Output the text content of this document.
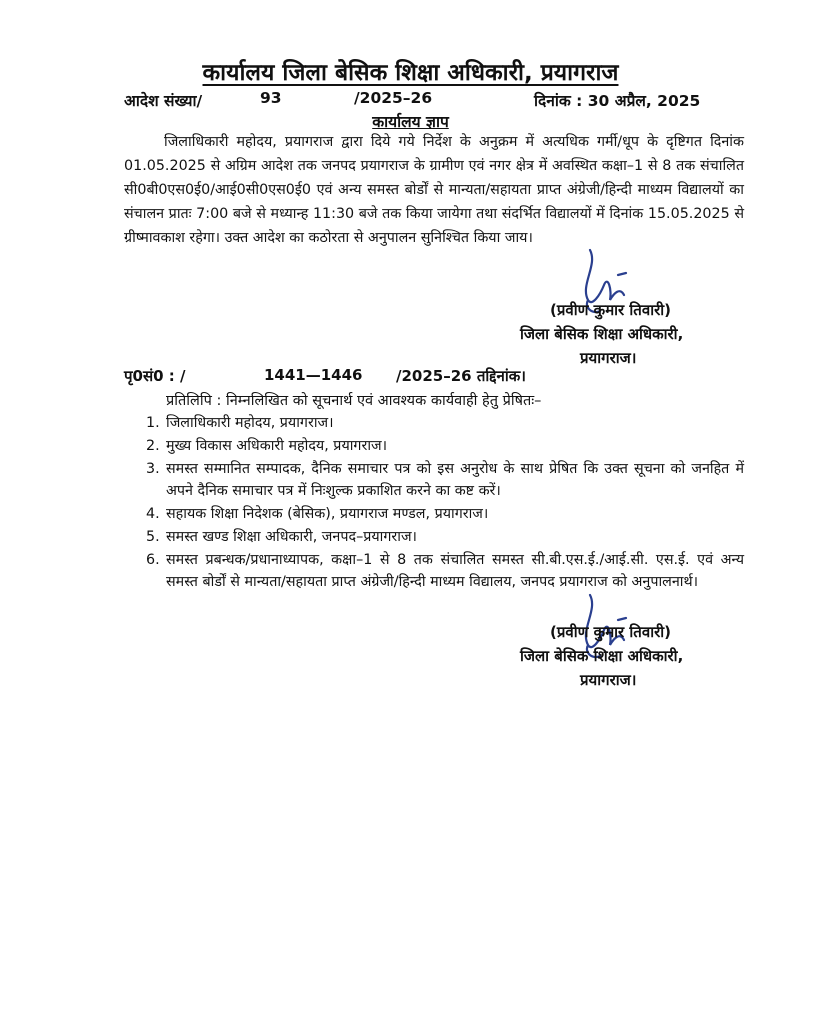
कार्यालय जिला बेसिक शिक्षा अधिकारी, प्रयागराज
आदेश संख्या/	93	/2025–26	दिनांक : 30 अप्रैल, 2025
कार्यालय ज्ञाप

जिलाधिकारी महोदय, प्रयागराज द्वारा दिये गये निर्देश के अनुक्रम में अत्यधिक गर्मी/धूप के दृष्टिगत दिनांक 01.05.2025 से अग्रिम आदेश तक जनपद प्रयागराज के ग्रामीण एवं नगर क्षेत्र में अवस्थित कक्षा–1 से 8 तक संचालित सी0बी0एस0ई0/आई0सी0एस0ई0 एवं अन्य समस्त बोर्डों से मान्यता/सहायता प्राप्त अंग्रेजी/हिन्दी माध्यम विद्यालयों का संचालन प्रातः 7:00 बजे से मध्यान्ह 11:30 बजे तक किया जायेगा तथा संदर्भित विद्यालयों में दिनांक 15.05.2025 से ग्रीष्मावकाश रहेगा। उक्त आदेश का कठोरता से अनुपालन सुनिश्चित किया जाय।

(प्रवीण कुमार तिवारी)
जिला बेसिक शिक्षा अधिकारी,
प्रयागराज।
पृ0सं0 : /	1441—1446 /2025–26 तद्दिनांक।
प्रतिलिपि : निम्नलिखित को सूचनार्थ एवं आवश्यक कार्यवाही हेतु प्रेषितः–
1. जिलाधिकारी महोदय, प्रयागराज।
2. मुख्य विकास अधिकारी महोदय, प्रयागराज।
3. समस्त सम्मानित सम्पादक, दैनिक समाचार पत्र को इस अनुरोध के साथ प्रेषित कि उक्त सूचना को जनहित में अपने दैनिक समाचार पत्र में निःशुल्क प्रकाशित करने का कष्ट करें।
4. सहायक शिक्षा निदेशक (बेसिक), प्रयागराज मण्डल, प्रयागराज।
5. समस्त खण्ड शिक्षा अधिकारी, जनपद–प्रयागराज।
6. समस्त प्रबन्धक/प्रधानाध्यापक, कक्षा–1 से 8 तक संचालित समस्त सी.बी.एस.ई./आई.सी. एस.ई. एवं अन्य समस्त बोर्डों से मान्यता/सहायता प्राप्त अंग्रेजी/हिन्दी माध्यम विद्यालय, जनपद प्रयागराज को अनुपालनार्थ।
(प्रवीण कुमार तिवारी)
जिला बेसिक शिक्षा अधिकारी,
प्रयागराज।
